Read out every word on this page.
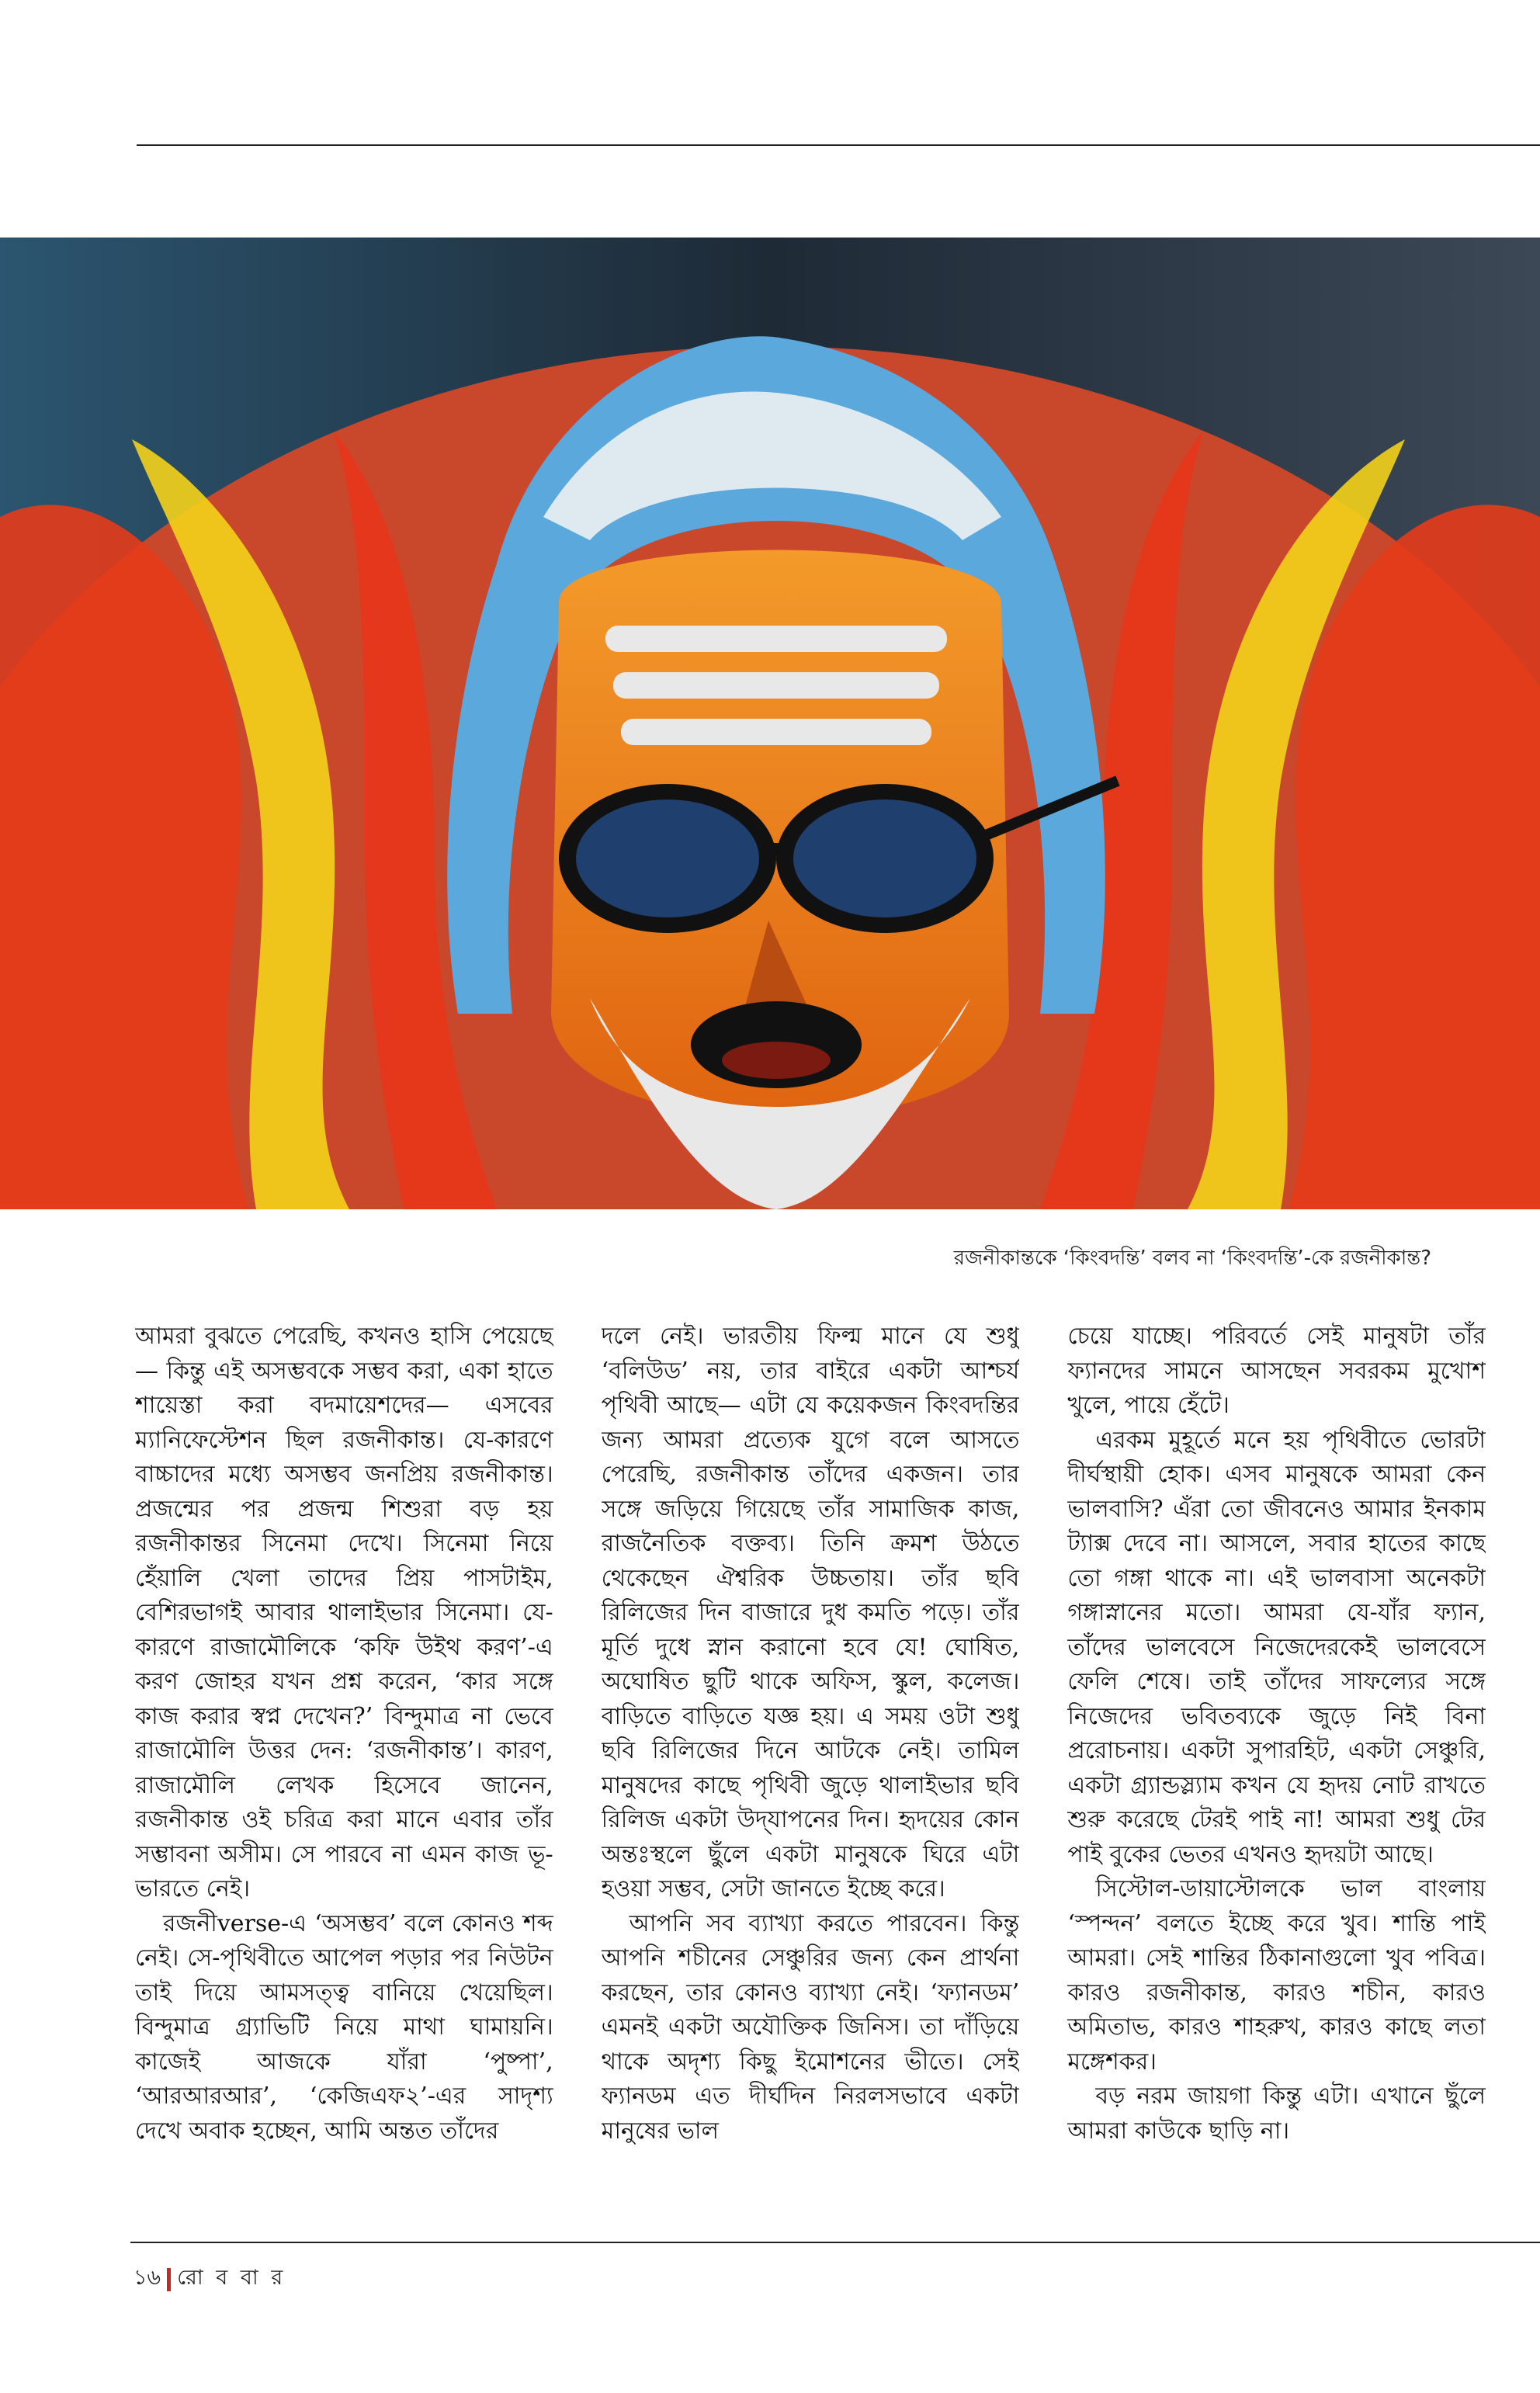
রজনীকান্তকে ‘কিংবদন্তি’ বলব না ‘কিংবদন্তি’-কে রজনীকান্ত?

আমরা বুঝতে পেরেছি, কখনও হাসি পেয়েছে— কিন্তু এই অসম্ভবকে সম্ভব করা, একা হাতে শায়েস্তা করা বদমায়েশদের— এসবের ম্যানিফেস্টেশন ছিল রজনীকান্ত। যে-কারণে বাচ্চাদের মধ্যে অসম্ভব জনপ্রিয় রজনীকান্ত। প্রজন্মের পর প্রজন্ম শিশুরা বড় হয় রজনীকান্তর সিনেমা দেখে। সিনেমা নিয়ে হেঁয়ালি খেলা তাদের প্রিয় পাসটাইম, বেশিরভাগই আবার থালাইভার সিনেমা। যে-কারণে রাজামৌলিকে ‘কফি উইথ করণ’-এ করণ জোহর যখন প্রশ্ন করেন, ‘কার সঙ্গে কাজ করার স্বপ্ন দেখেন?’ বিন্দুমাত্র না ভেবে রাজামৌলি উত্তর দেন: ‘রজনীকান্ত’। কারণ, রাজামৌলি লেখক হিসেবে জানেন, রজনীকান্ত ওই চরিত্র করা মানে এবার তাঁর সম্ভাবনা অসীম। সে পারবে না এমন কাজ ভূ-ভারতে নেই।

রজনীverse-এ ‘অসম্ভব’ বলে কোনও শব্দ নেই। সে-পৃথিবীতে আপেল পড়ার পর নিউটন তাই দিয়ে আমসত্ত্ব বানিয়ে খেয়েছিল। বিন্দুমাত্র গ্র্যাভিটি নিয়ে মাথা ঘামায়নি। কাজেই আজকে যাঁরা ‘পুষ্পা’, ‘আরআরআর’, ‘কেজিএফ২’-এর সাদৃশ্য দেখে অবাক হচ্ছেন, আমি অন্তত তাঁদের

দলে নেই। ভারতীয় ফিল্ম মানে যে শুধু ‘বলিউড’ নয়, তার বাইরে একটা আশ্চর্য পৃথিবী আছে— এটা যে কয়েকজন কিংবদন্তির জন্য আমরা প্রত্যেক যুগে বলে আসতে পেরেছি, রজনীকান্ত তাঁদের একজন। তার সঙ্গে জড়িয়ে গিয়েছে তাঁর সামাজিক কাজ, রাজনৈতিক বক্তব্য। তিনি ক্রমশ উঠতে থেকেছেন ঐশ্বরিক উচ্চতায়। তাঁর ছবি রিলিজের দিন বাজারে দুধ কমতি পড়ে। তাঁর মূর্তি দুধে স্নান করানো হবে যে! ঘোষিত, অঘোষিত ছুটি থাকে অফিস, স্কুল, কলেজ। বাড়িতে বাড়িতে যজ্ঞ হয়। এ সময় ওটা শুধু ছবি রিলিজের দিনে আটকে নেই। তামিল মানুষদের কাছে পৃথিবী জুড়ে থালাইভার ছবি রিলিজ একটা উদ্‌যাপনের দিন। হৃদয়ের কোন অন্তঃস্থলে ছুঁলে একটা মানুষকে ঘিরে এটা হওয়া সম্ভব, সেটা জানতে ইচ্ছে করে।

আপনি সব ব্যাখ্যা করতে পারবেন। কিন্তু আপনি শচীনের সেঞ্চুরির জন্য কেন প্রার্থনা করছেন, তার কোনও ব্যাখ্যা নেই। ‘ফ্যানডম’ এমনই একটা অযৌক্তিক জিনিস। তা দাঁড়িয়ে থাকে অদৃশ্য কিছু ইমোশনের ভীতে। সেই ফ্যানডম এত দীর্ঘদিন নিরলসভাবে একটা মানুষের ভাল

চেয়ে যাচ্ছে। পরিবর্তে সেই মানুষটা তাঁর ফ্যানদের সামনে আসছেন সবরকম মুখোশ খুলে, পায়ে হেঁটে।

এরকম মুহূর্তে মনে হয় পৃথিবীতে ভোরটা দীর্ঘস্থায়ী হোক। এসব মানুষকে আমরা কেন ভালবাসি? এঁরা তো জীবনেও আমার ইনকাম ট্যাক্স দেবে না। আসলে, সবার হাতের কাছে তো গঙ্গা থাকে না। এই ভালবাসা অনেকটা গঙ্গাস্নানের মতো। আমরা যে-যাঁর ফ্যান, তাঁদের ভালবেসে নিজেদেরকেই ভালবেসে ফেলি শেষে। তাই তাঁদের সাফল্যের সঙ্গে নিজেদের ভবিতব্যকে জুড়ে নিই বিনা প্ররোচনায়। একটা সুপারহিট, একটা সেঞ্চুরি, একটা গ্র্যান্ডস্ল্যাম কখন যে হৃদয় নোট রাখতে শুরু করেছে টেরই পাই না! আমরা শুধু টের পাই বুকের ভেতর এখনও হৃদয়টা আছে।

সিস্টোল-ডায়াস্টোলকে ভাল বাংলায় ‘স্পন্দন’ বলতে ইচ্ছে করে খুব। শান্তি পাই আমরা। সেই শান্তির ঠিকানাগুলো খুব পবিত্র। কারও রজনীকান্ত, কারও শচীন, কারও অমিতাভ, কারও শাহরুখ, কারও কাছে লতা মঙ্গেশকর।

বড় নরম জায়গা কিন্তু এটা। এখানে ছুঁলে আমরা কাউকে ছাড়ি না।

১৬ রো ব বা র
